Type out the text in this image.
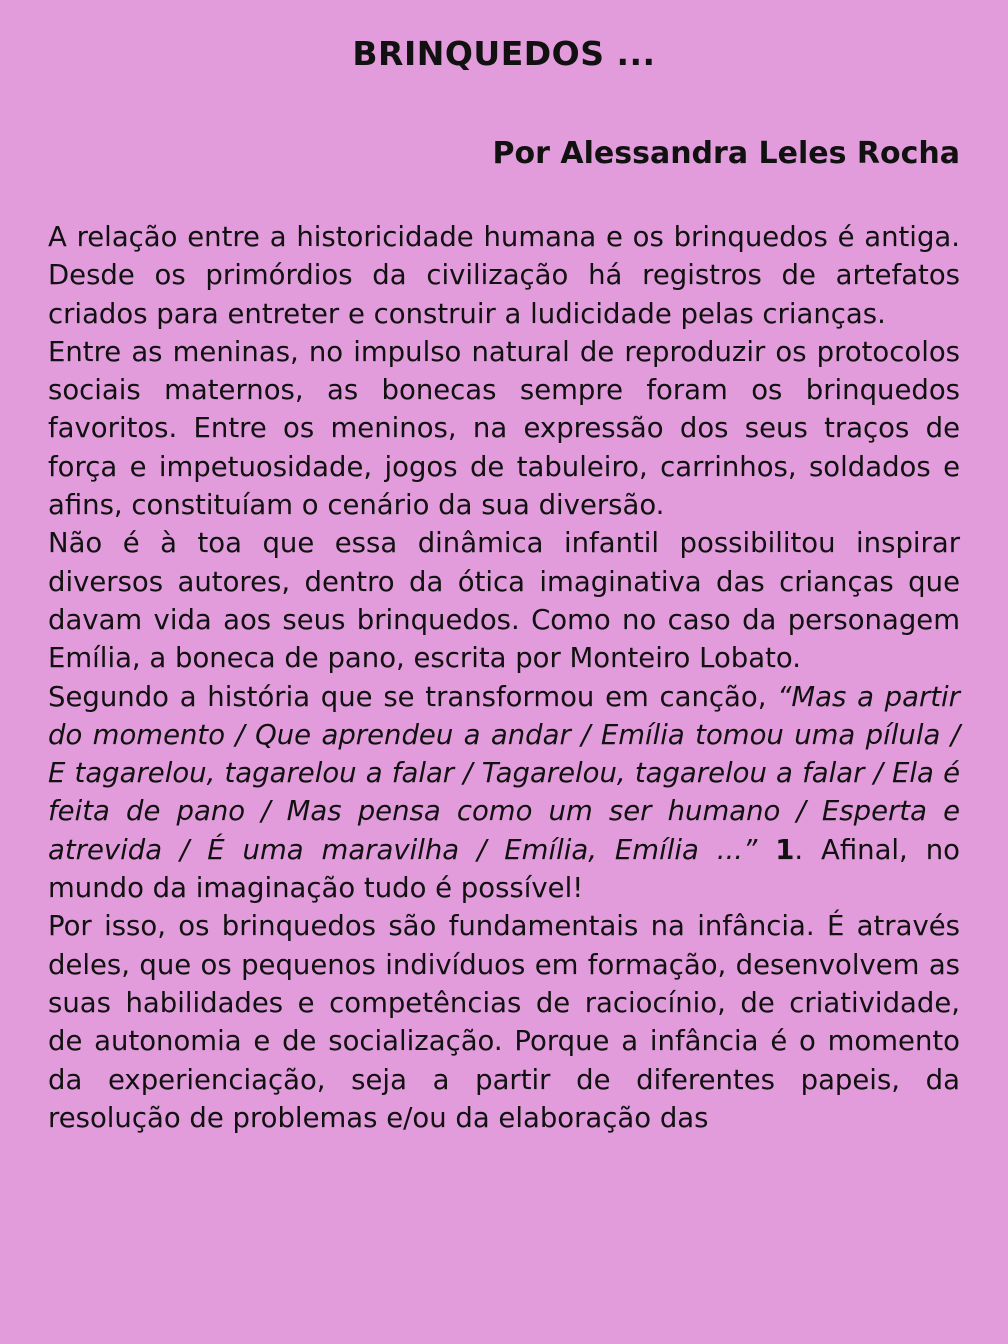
BRINQUEDOS ...
Por Alessandra Leles Rocha

A relação entre a historicidade humana e os brinquedos é antiga. Desde os primórdios da civilização há registros de artefatos criados para entreter e construir a ludicidade pelas crianças.

Entre as meninas, no impulso natural de reproduzir os protocolos sociais maternos, as bonecas sempre foram os brinquedos favoritos. Entre os meninos, na expressão dos seus traços de força e impetuosidade, jogos de tabuleiro, carrinhos, soldados e afins, constituíam o cenário da sua diversão.

Não é à toa que essa dinâmica infantil possibilitou inspirar diversos autores, dentro da ótica imaginativa das crianças que davam vida aos seus brinquedos. Como no caso da personagem Emília, a boneca de pano, escrita por Monteiro Lobato.

Segundo a história que se transformou em canção, “Mas a partir do momento / Que aprendeu a andar / Emília tomou uma pílula / E tagarelou, tagarelou a falar / Tagarelou, tagarelou a falar / Ela é feita de pano / Mas pensa como um ser humano / Esperta e atrevida / É uma maravilha / Emília, Emília ...” 1. Afinal, no mundo da imaginação tudo é possível!

Por isso, os brinquedos são fundamentais na infância. É através deles, que os pequenos indivíduos em formação, desenvolvem as suas habilidades e competências de raciocínio, de criatividade, de autonomia e de socialização. Porque a infância é o momento da experienciação, seja a partir de diferentes papeis, da resolução de problemas e/ou da elaboração das
